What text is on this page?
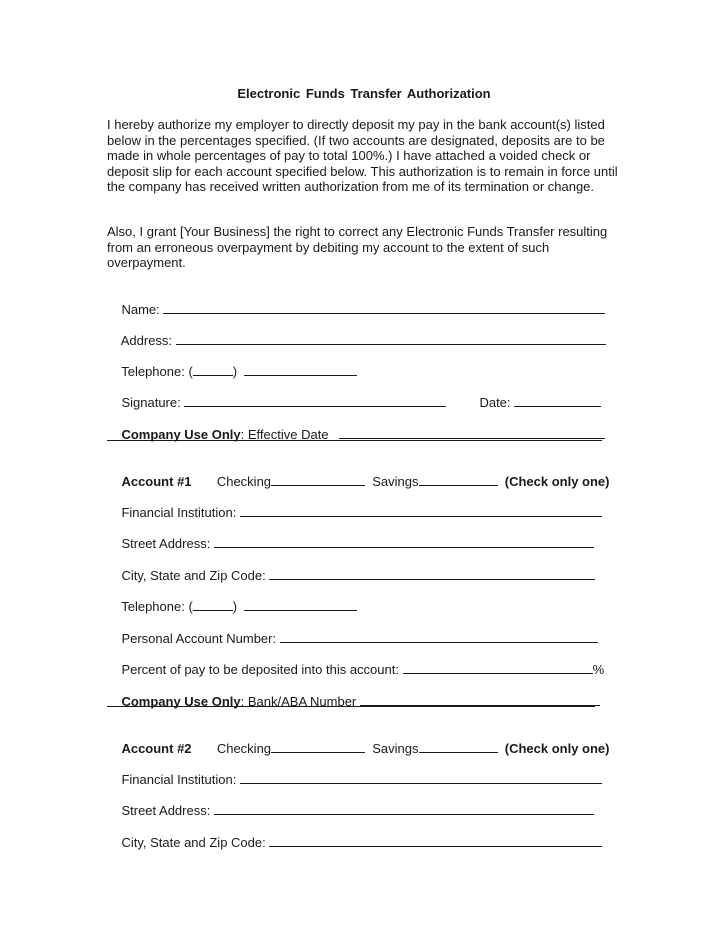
Electronic Funds Transfer Authorization

I hereby authorize my employer to directly deposit my pay in the bank account(s) listed below in the percentages specified. (If two accounts are designated, deposits are to be made in whole percentages of pay to total 100%.) I have attached a voided check or deposit slip for each account specified below. This authorization is to remain in force until the company has received written authorization from me of its termination or change.

Also, I grant [Your Business] the right to correct any Electronic Funds Transfer resulting from an erroneous overpayment by debiting my account to the extent of such overpayment.

Name:

Address:

Telephone: (	)

Signature:
	Date:

Company Use Only: Effective Date

Account #1 Checking	Savings	(Check only one)

Financial Institution:

Street Address:

City, State and Zip Code:

Telephone: (	)

Personal Account Number:

Percent of pay to be deposited into this account:	%

Company Use Only: Bank/ABA Number

Account #2 Checking	Savings	(Check only one)

Financial Institution:

Street Address:

City, State and Zip Code:
